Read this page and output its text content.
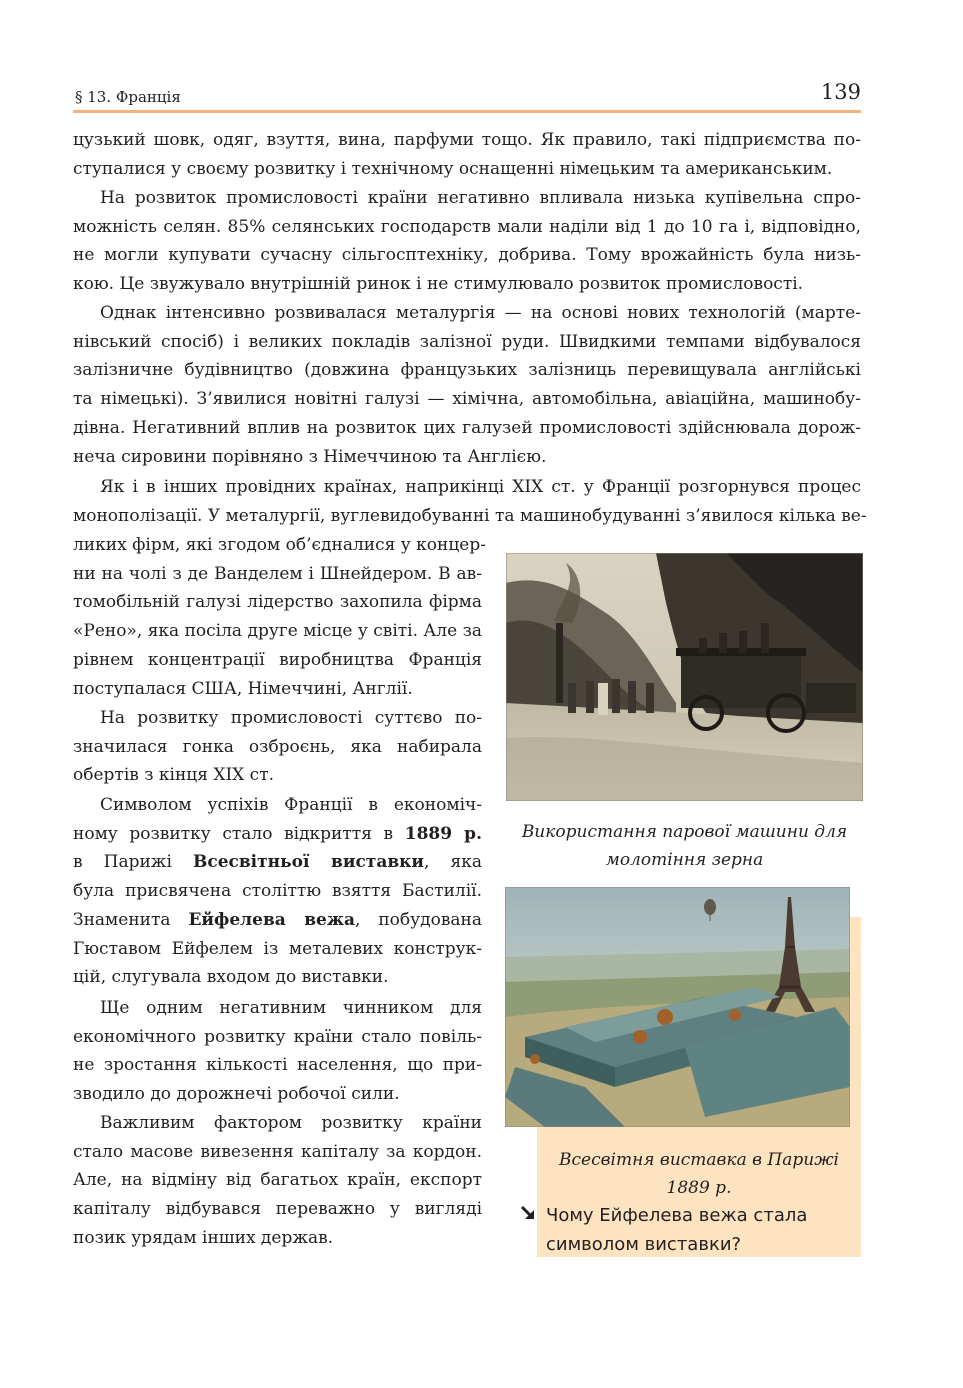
§ 13. Франція	139
цузький шовк, одяг, взуття, вина, парфуми тощо. Як правило, такі підприємства по-
ступалися у своєму розвитку і технічному оснащенні німецьким та американським.
На розвиток промисловості країни негативно впливала низька купівельна спро-
можність селян. 85% селянських господарств мали наділи від 1 до 10 га і, відповідно,
не могли купувати сучасну сільгосптехніку, добрива. Тому врожайність була низь-
кою. Це звужувало внутрішній ринок і не стимулювало розвиток промисловості.
Однак інтенсивно розвивалася металургія — на основі нових технологій (марте-
нівський спосіб) і великих покладів залізної руди. Швидкими темпами відбувалося
залізничне будівництво (довжина французьких залізниць перевищувала англійські
та німецькі). З’явилися новітні галузі — хімічна, автомобільна, авіаційна, машинобу-
дівна. Негативний вплив на розвиток цих галузей промисловості здійснювала дорож-
неча сировини порівняно з Німеччиною та Англією.
Як і в інших провідних країнах, наприкінці XIX ст. у Франції розгорнувся процес
монополізації. У металургії, вуглевидобуванні та машинобудуванні з’явилося кілька ве-
ликих фірм, які згодом об’єдналися у концер-
ни на чолі з де Ванделем і Шнейдером. В ав-
томобільній галузі лідерство захопила фірма
«Рено», яка посіла друге місце у світі. Але за
рівнем концентрації виробництва Франція
поступалася США, Німеччині, Англії.
На розвитку промисловості суттєво по-
значилася гонка озброєнь, яка набирала
обертів з кінця XIX ст.
Символом успіхів Франції в економіч-
ному розвитку стало відкриття в 1889 р.
в Парижі Всесвітньої виставки, яка
була присвячена століттю взяття Бастилії.
Знаменита Ейфелева вежа, побудована
Гюставом Ейфелем із металевих конструк-
цій, слугувала входом до виставки.
Ще одним негативним чинником для
економічного розвитку країни стало повіль-
не зростання кількості населення, що при-
зводило до дорожнечі робочої сили.
Важливим фактором розвитку країни
стало масове вивезення капіталу за кордон.
Але, на відміну від багатьох країн, експорт
капіталу відбувався переважно у вигляді
позик урядам інших держав.
Використання парової машини для
молотіння зерна
Всесвітня виставка в Парижі
1889 р.
Чому Ейфелева вежа стала
символом виставки?
